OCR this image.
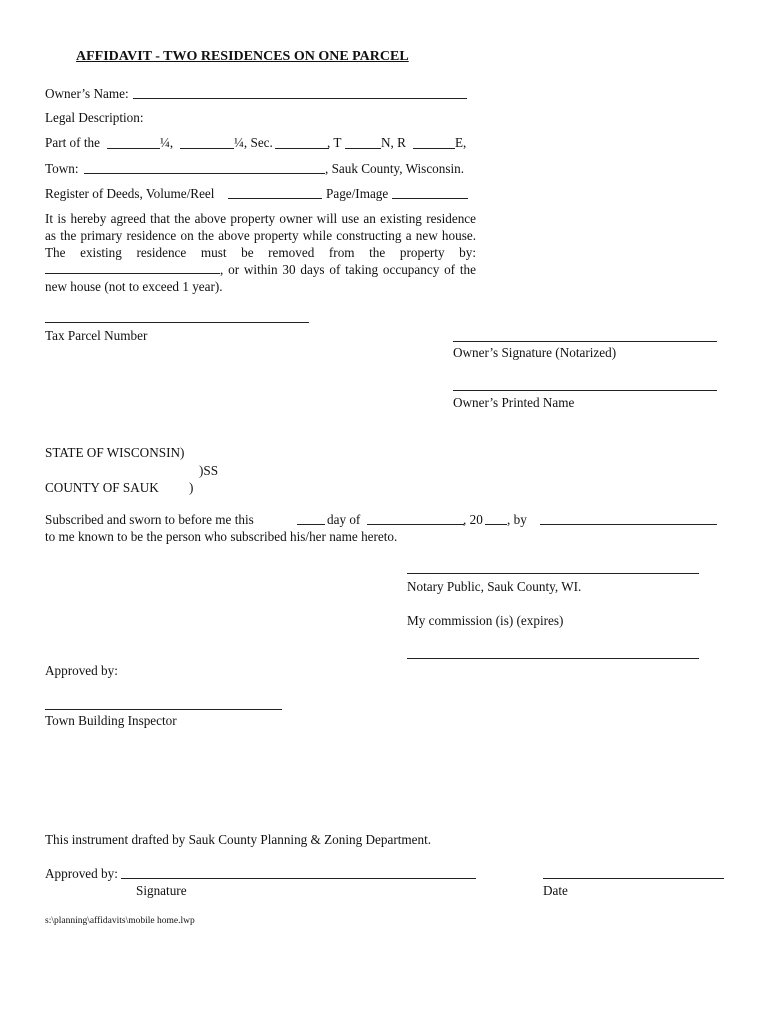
AFFIDAVIT - TWO RESIDENCES ON ONE PARCEL
Owner’s Name:
Legal Description:
Part of the	¼,	¼, Sec.	, T	N, R	E,
Town:	, Sauk County, Wisconsin.
Register of Deeds, Volume/Reel	Page/Image
It is hereby agreed that the above property owner will use an existing residence as the primary residence on the above property while constructing a new house. The existing residence must be removed from the property by:, or within 30 days of taking occupancy of the new house (not to exceed 1 year).
Tax Parcel Number
Owner’s Signature (Notarized)
Owner’s Printed Name
STATE OF WISCONSIN)
)SS
COUNTY OF SAUK )
Subscribed and sworn to before me this	day of	, 20 , by
to me known to be the person who subscribed his/her name hereto.
Notary Public, Sauk County, WI.
My commission (is) (expires)
Approved by:
Town Building Inspector
This instrument drafted by Sauk County Planning & Zoning Department.
Approved by:
Signature	Date
s:\planning\affidavits\mobile home.lwp
